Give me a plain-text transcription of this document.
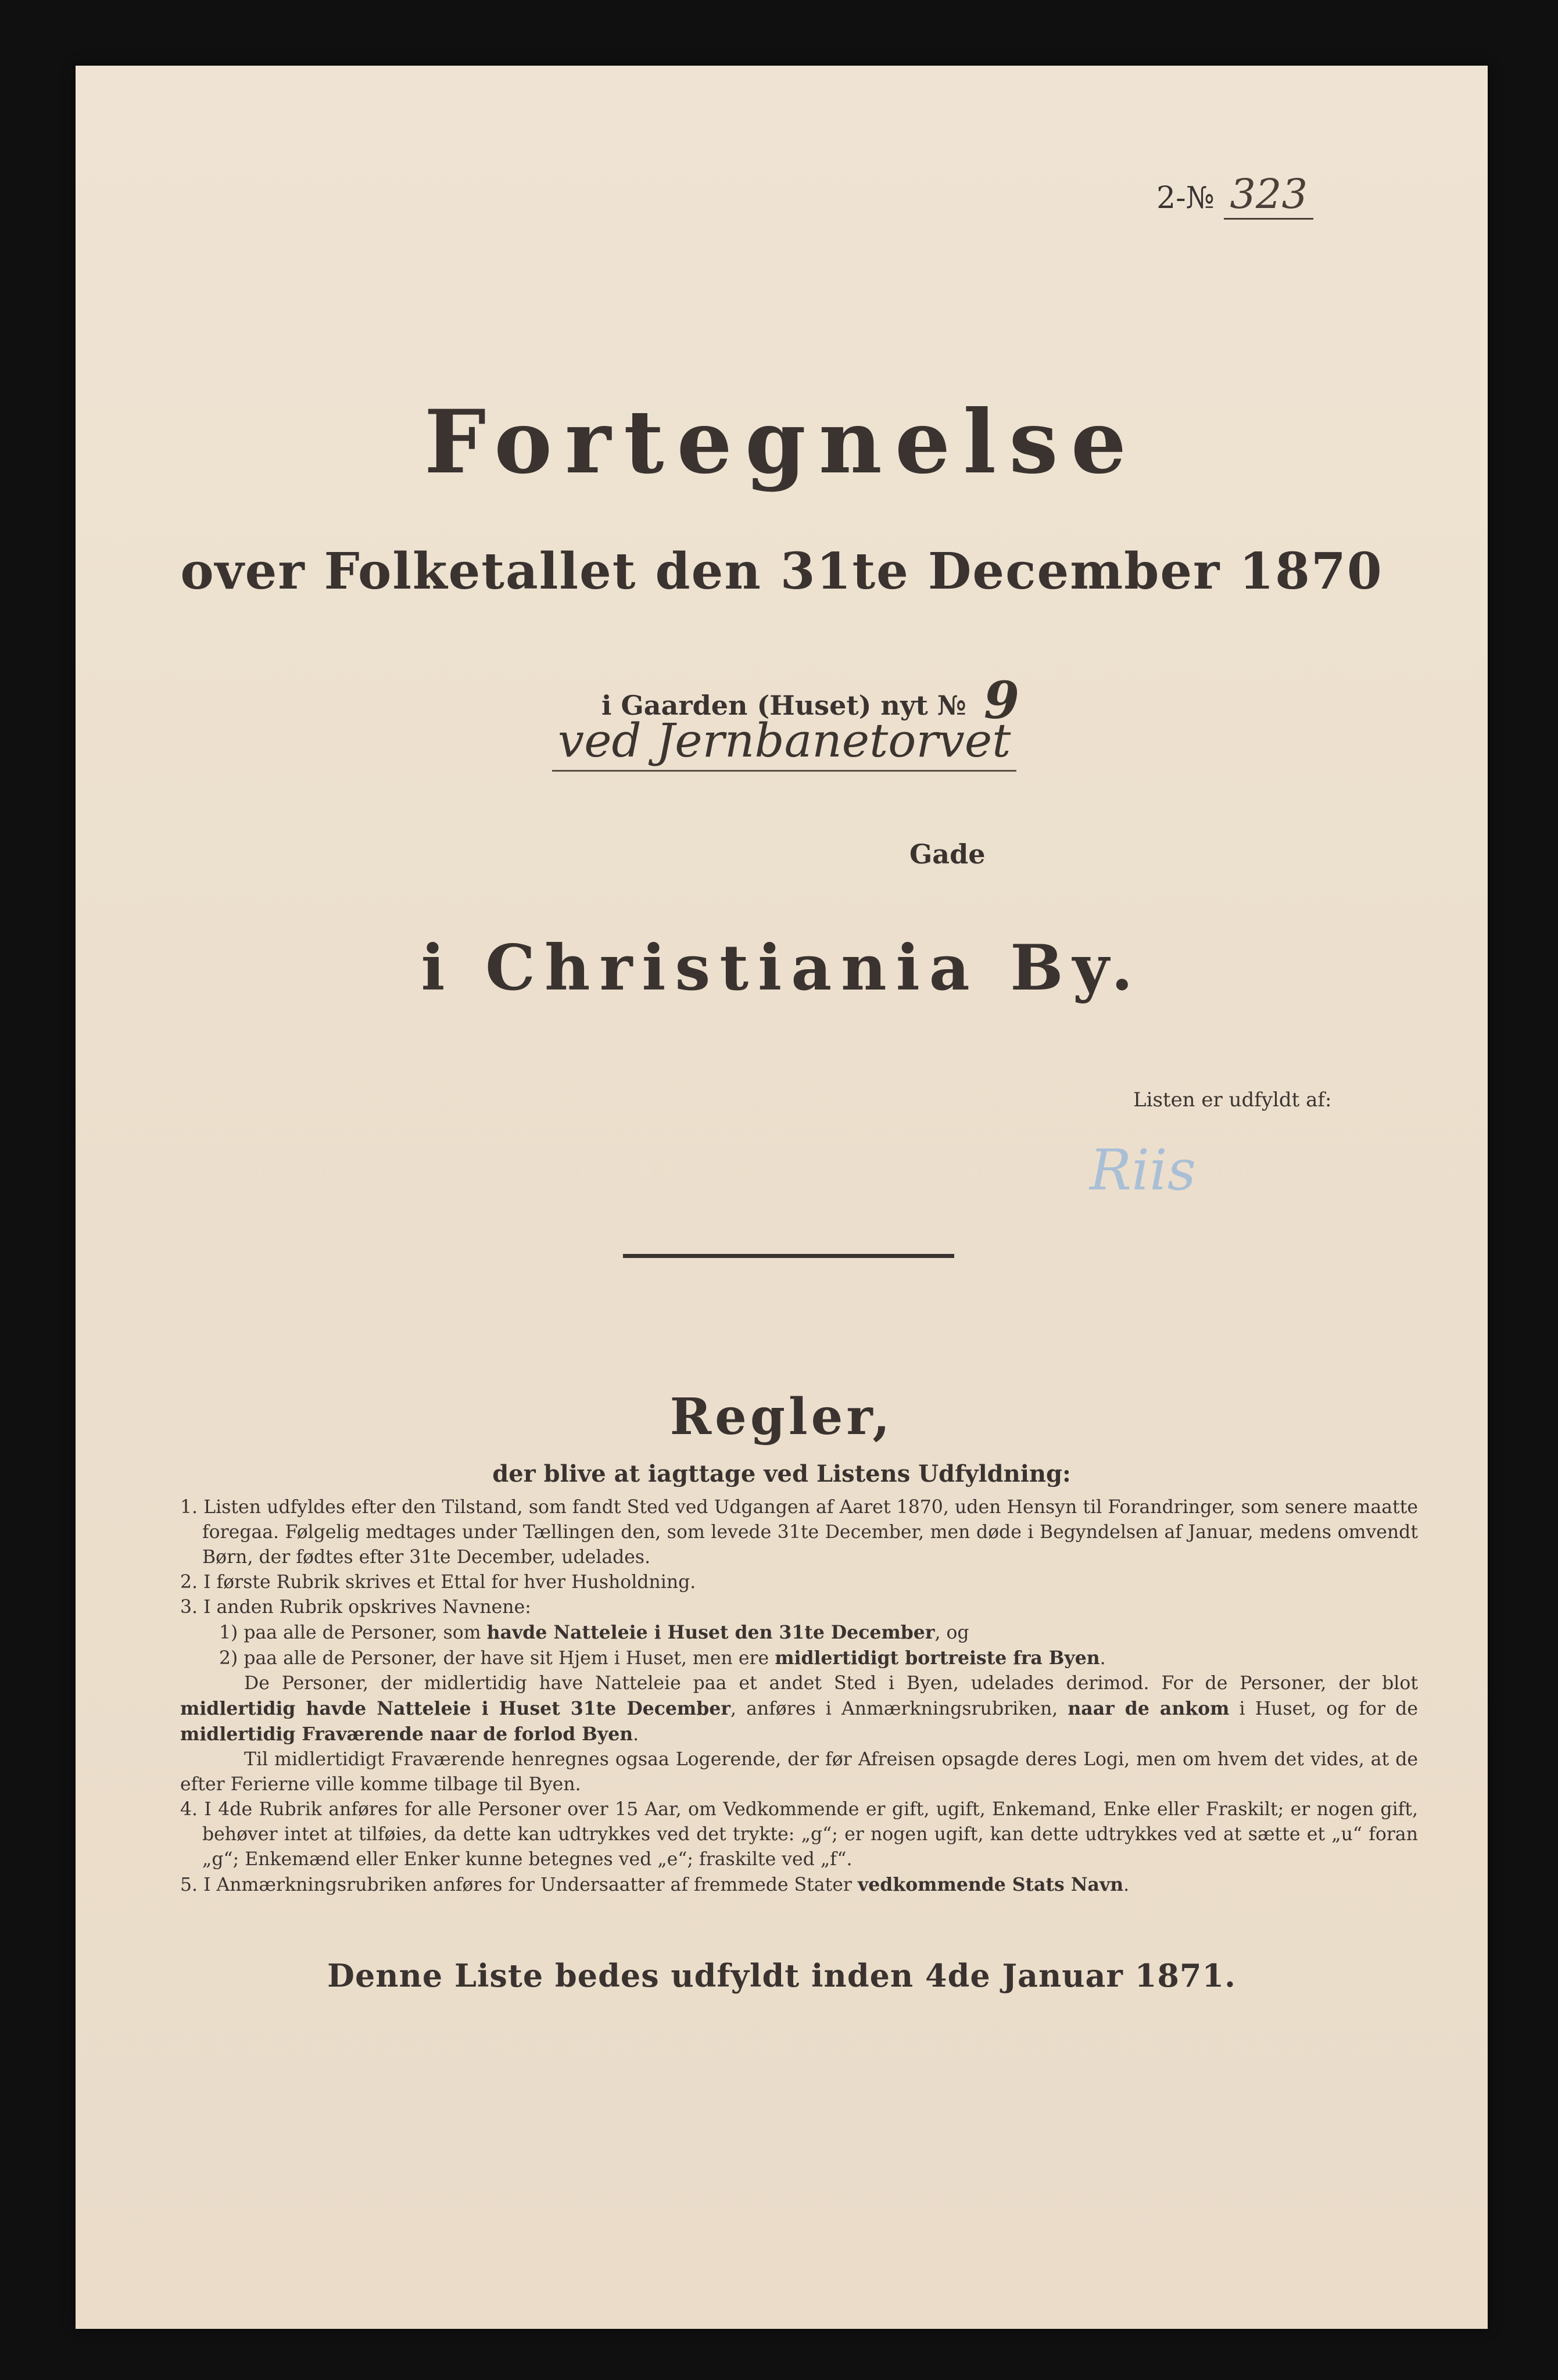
2-№ 323
Fortegnelse
over Folketallet den 31te December 1870
i Gaarden (Huset) nyt № 9
ved Jernbanetorvet
Gade
i Christiania By.
Listen er udfyldt af:
Riis
Regler,
der blive at iagttage ved Listens Udfyldning:

1. Listen udfyldes efter den Tilstand, som fandt Sted ved Udgangen af Aaret 1870, uden Hensyn til Forandringer, som senere maatte foregaa. Følgelig medtages under Tællingen den, som levede 31te December, men døde i Begyndelsen af Januar, medens omvendt Børn, der fødtes efter 31te December, udelades.

2. I første Rubrik skrives et Ettal for hver Husholdning.

3. I anden Rubrik opskrives Navnene:

1) paa alle de Personer, som havde Natteleie i Huset den 31te December, og

2) paa alle de Personer, der have sit Hjem i Huset, men ere midlertidigt bortreiste fra Byen.

De Personer, der midlertidig have Natteleie paa et andet Sted i Byen, udelades derimod. For de Personer, der blot midlertidig havde Natteleie i Huset 31te December, anføres i Anmærkningsrubriken, naar de ankom i Huset, og for de midlertidig Fraværende naar de forlod Byen.

Til midlertidigt Fraværende henregnes ogsaa Logerende, der før Afreisen opsagde deres Logi, men om hvem det vides, at de efter Ferierne ville komme tilbage til Byen.

4. I 4de Rubrik anføres for alle Personer over 15 Aar, om Vedkommende er gift, ugift, Enkemand, Enke eller Fraskilt; er nogen gift, behøver intet at tilføies, da dette kan udtrykkes ved det trykte: „g“; er nogen ugift, kan dette udtrykkes ved at sætte et „u“ foran „g“; Enkemænd eller Enker kunne betegnes ved „e“; fraskilte ved „f“.

5. I Anmærkningsrubriken anføres for Undersaatter af fremmede Stater vedkommende Stats Navn.

Denne Liste bedes udfyldt inden 4de Januar 1871.
